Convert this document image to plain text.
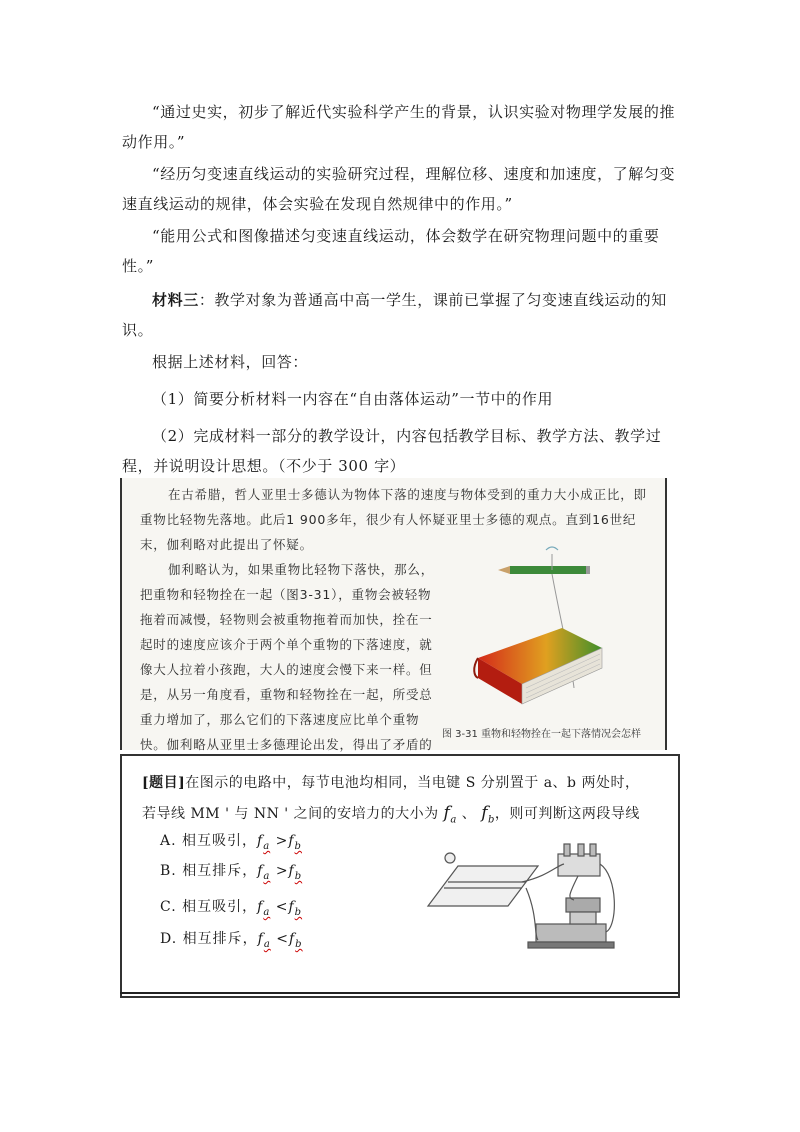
“通过史实，初步了解近代实验科学产生的背景，认识实验对物理学发展的推动作用。”

“经历匀变速直线运动的实验研究过程，理解位移、速度和加速度，了解匀变速直线运动的规律，体会实验在发现自然规律中的作用。”

“能用公式和图像描述匀变速直线运动，体会数学在研究物理问题中的重要性。”

材料三：教学对象为普通高中高一学生，课前已掌握了匀变速直线运动的知识。

根据上述材料，回答：

（1）简要分析材料一内容在“自由落体运动”一节中的作用

（2）完成材料一部分的教学设计，内容包括教学目标、教学方法、教学过程，并说明设计思想。（不少于 300 字）

在古希腊，哲人亚里士多德认为物体下落的速度与物体受到的重力大小成正比，即重物比轻物先落地。此后1 900多年，很少有人怀疑亚里士多德的观点。直到16世纪末，伽利略对此提出了怀疑。

伽利略认为，如果重物比轻物下落快，那么，把重物和轻物拴在一起（图3-31），重物会被轻物拖着而减慢，轻物则会被重物拖着而加快，拴在一起时的速度应该介于两个单个重物的下落速度，就像大人拉着小孩跑，大人的速度会慢下来一样。但是，从另一角度看，重物和轻物拴在一起，所受总重力增加了，那么它们的下落速度应比单个重物快。伽利略从亚里士多德理论出发，得出了矛盾的

图 3-31 重物和轻物拴在一起下落情况会怎样
[题目]在图示的电路中，每节电池均相同，当电键 S 分别置于 a、b 两处时，
若导线 MM ' 与 NN ' 之间的安培力的大小为 $f_a$ 、 $f_b$，则可判断这两段导线
A. 相互吸引，$f_a >f_b$
B. 相互排斥，$f_a >f_b$
C. 相互吸引，$f_a <f_b$
D. 相互排斥，$f_a <f_b$
